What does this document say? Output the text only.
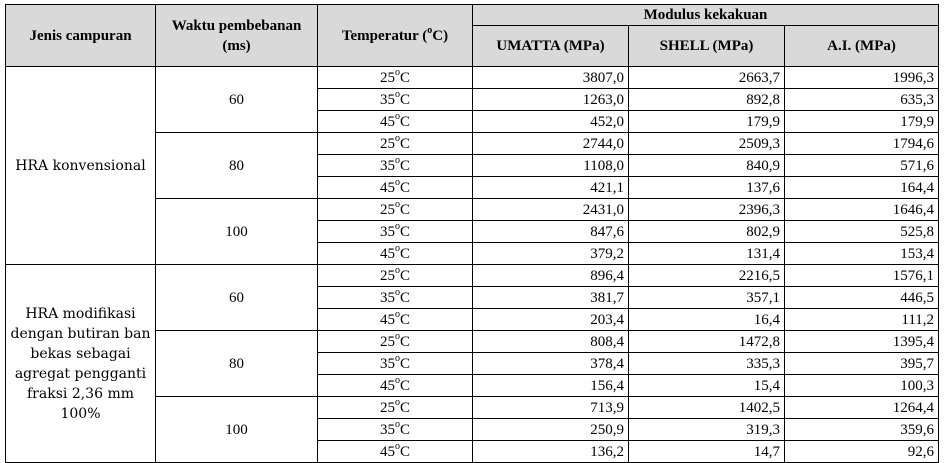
Jenis campuran	Waktu pembebanan (ms)	Temperatur ($^o$C)	Modulus kekakuan		
			UMATTA (MPa)	SHELL (MPa)	A.I. (MPa)
HRA konvensional	60	25$^o$C	3807,0	2663,7	1996,3
		35$^o$C	1263,0	892,8	635,3
		45$^o$C	452,0	179,9	179,9
	80	25$^o$C	2744,0	2509,3	1794,6
		35$^o$C	1108,0	840,9	571,6
		45$^o$C	421,1	137,6	164,4
	100	25$^o$C	2431,0	2396,3	1646,4
		35$^o$C	847,6	802,9	525,8
		45$^o$C	379,2	131,4	153,4
HRA modifikasi dengan butiran ban bekas sebagai agregat pengganti fraksi 2,36 mm 100%	60	25$^o$C	896,4	2216,5	1576,1
		35$^o$C	381,7	357,1	446,5
		45$^o$C	203,4	16,4	111,2
	80	25$^o$C	808,4	1472,8	1395,4
		35$^o$C	378,4	335,3	395,7
		45$^o$C	156,4	15,4	100,3
	100	25$^o$C	713,9	1402,5	1264,4
		35$^o$C	250,9	319,3	359,6
		45$^o$C	136,2	14,7	92,6
